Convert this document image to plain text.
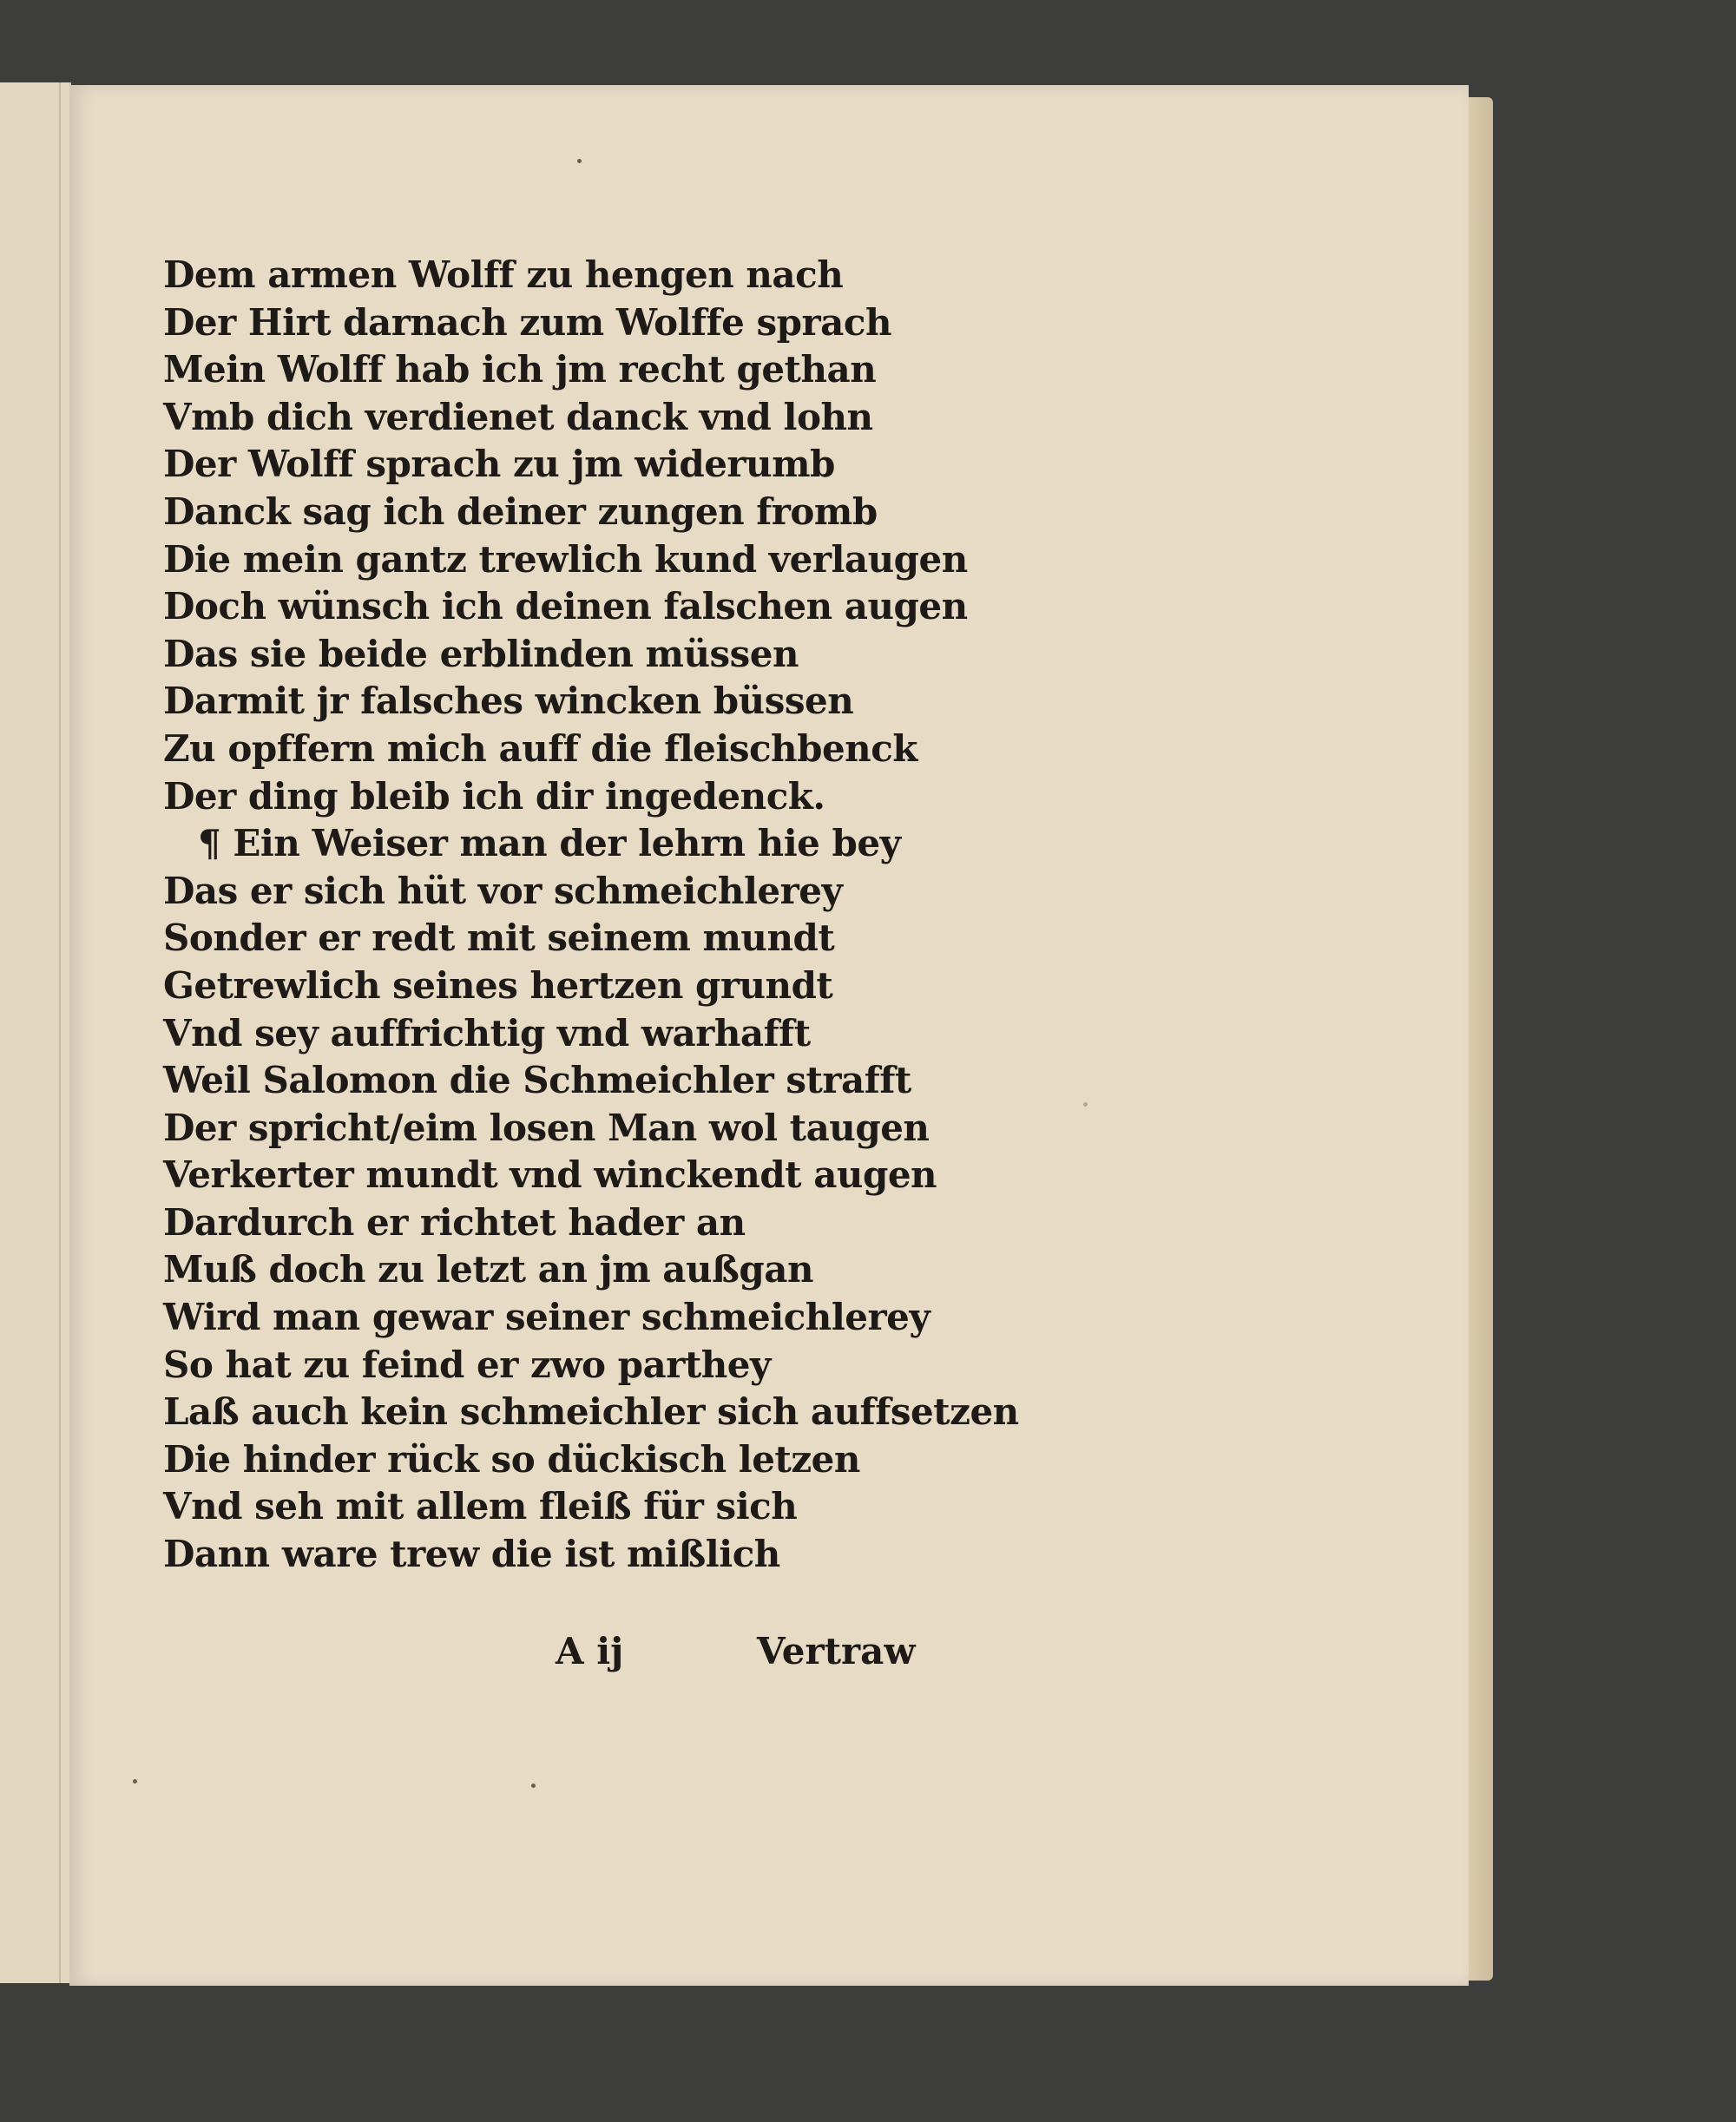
Dem armen Wolff zu hengen nach
Der Hirt darnach zum Wolffe sprach
Mein Wolff hab ich jm recht gethan
Vmb dich verdienet danck vnd lohn
Der Wolff sprach zu jm widerumb
Danck sag ich deiner zungen fromb
Die mein gantz trewlich kund verlaugen
Doch wünsch ich deinen falschen augen
Das sie beide erblinden müssen
Darmit jr falsches wincken büssen
Zu opffern mich auff die fleischbenck
Der ding bleib ich dir ingedenck.
¶ Ein Weiser man der lehrn hie bey
Das er sich hüt vor schmeichlerey
Sonder er redt mit seinem mundt
Getrewlich seines hertzen grundt
Vnd sey auffrichtig vnd warhafft
Weil Salomon die Schmeichler strafft
Der spricht/eim losen Man wol taugen
Verkerter mundt vnd winckendt augen
Dardurch er richtet hader an
Muß doch zu letzt an jm außgan
Wird man gewar seiner schmeichlerey
So hat zu feind er zwo parthey
Laß auch kein schmeichler sich auffsetzen
Die hinder rück so dückisch letzen
Vnd seh mit allem fleiß für sich
Dann ware trew die ist mißlich
A ij	Vertraw
